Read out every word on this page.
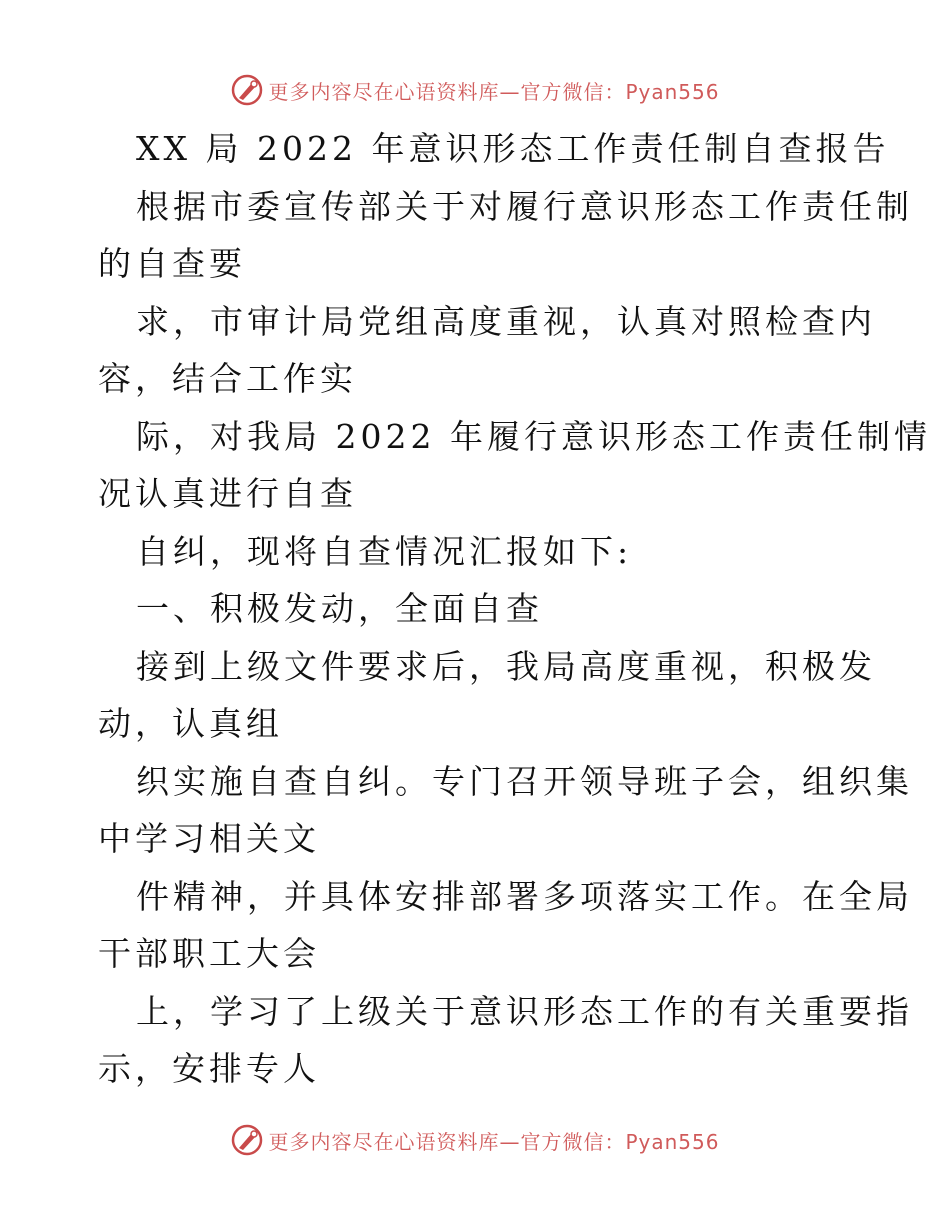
更多内容尽在心语资料库—官方微信：Pyan556
XX 局 2022 年意识形态工作责任制自查报告
根据市委宣传部关于对履行意识形态工作责任制
的自查要
求，市审计局党组高度重视，认真对照检查内
容，结合工作实
际，对我局 2022 年履行意识形态工作责任制情
况认真进行自查
自纠，现将自查情况汇报如下:
一、积极发动，全面自查
接到上级文件要求后，我局高度重视，积极发
动，认真组
织实施自查自纠。专门召开领导班子会，组织集
中学习相关文
件精神，并具体安排部署多项落实工作。在全局
干部职工大会
上，学习了上级关于意识形态工作的有关重要指
示，安排专人
更多内容尽在心语资料库—官方微信：Pyan556
